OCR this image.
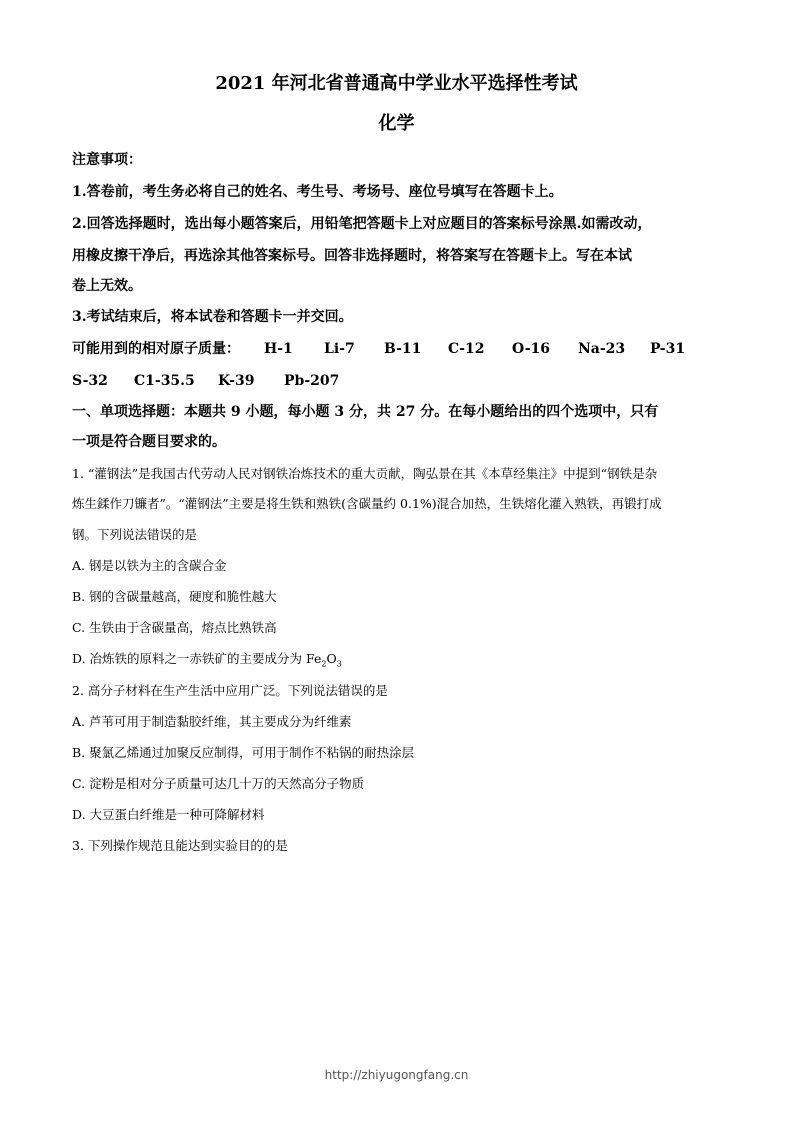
2021 年河北省普通高中学业水平选择性考试
化学
注意事项：
1.答卷前，考生务必将自己的姓名、考生号、考场号、座位号填写在答题卡上。
2.回答选择题时，选出每小题答案后，用铅笔把答题卡上对应题目的答案标号涂黑.如需改动，
用橡皮擦干净后，再选涂其他答案标号。回答非选择题时，将答案写在答题卡上。写在本试
卷上无效。
3.考试结束后，将本试卷和答题卡一并交回。
可能用到的相对原子质量：	H-1	Li-7	B-11	C-12	O-16	Na-23	P-31
S-32	C1-35.5	K-39	Pb-207
一、单项选择题：本题共 9 小题，每小题 3 分，共 27 分。在每小题给出的四个选项中，只有
一项是符合题目要求的。
1. “灌钢法”是我国古代劳动人民对钢铁冶炼技术的重大贡献，陶弘景在其《本草经集注》中提到“钢铁是杂
炼生鍒作刀镰者”。“灌钢法”主要是将生铁和熟铁(含碳量约 0.1%)混合加热，生铁熔化灌入熟铁，再锻打成
钢。下列说法错误的是
A. 钢是以铁为主的含碳合金
B. 钢的含碳量越高，硬度和脆性越大
C. 生铁由于含碳量高，熔点比熟铁高
D. 冶炼铁的原料之一赤铁矿的主要成分为 $Fe_2O_3$
2. 高分子材料在生产生活中应用广泛。下列说法错误的是
A. 芦苇可用于制造黏胶纤维，其主要成分为纤维素
B. 聚氯乙烯通过加聚反应制得，可用于制作不粘锅的耐热涂层
C. 淀粉是相对分子质量可达几十万的天然高分子物质
D. 大豆蛋白纤维是一种可降解材料
3. 下列操作规范且能达到实验目的的是
http://zhiyugongfang.cn
